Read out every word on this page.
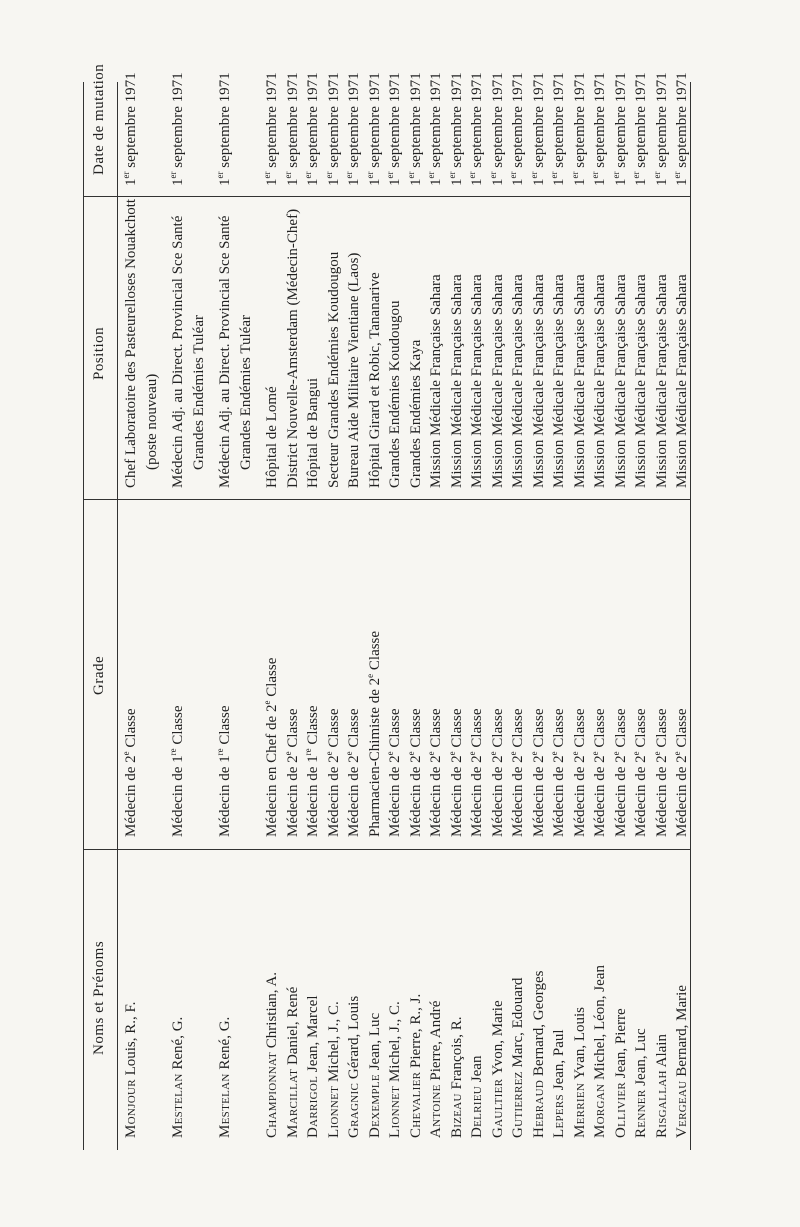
Noms et Prénoms
Grade
Position
Date de mutation
Monjour Louis, R., F.
Médecin de 2e Classe
Chef Laboratoire des Pasteurelloses Nouakchott (poste nouveau)
1er septembre 1971
Mestelan René, G.
Médecin de 1re Classe
Médecin Adj. au Direct. Provincial Sce Santé Grandes Endémies Tuléar
1er septembre 1971
Mestelan René, G.
Médecin de 1re Classe
Médecin Adj. au Direct. Provincial Sce Santé Grandes Endémies Tuléar
1er septembre 1971
Championnat Christian, A.
Médecin en Chef de 2e Classe
Hôpital de Lomé
1er septembre 1971
Marcillat Daniel, René
Médecin de 2e Classe
District Nouvelle-Amsterdam (Médecin-Chef)
1er septembre 1971
Darrigol Jean, Marcel
Médecin de 1re Classe
Hôpital de Bangui
1er septembre 1971
Lionnet Michel, J., C.
Médecin de 2e Classe
Secteur Grandes Endémies Koudougou
1er septembre 1971
Gragnic Gérard, Louis
Médecin de 2e Classe
Bureau Aide Militaire Vientiane (Laos)
1er septembre 1971
Dexemple Jean, Luc
Pharmacien-Chimiste de 2e Classe
Hôpital Girard et Robic, Tananarive
1er septembre 1971
Lionnet Michel, J., C.
Médecin de 2e Classe
Grandes Endémies Koudougou
1er septembre 1971
Chevalier Pierre, R., J.
Médecin de 2e Classe
Grandes Endémies Kaya
1er septembre 1971
Antoine Pierre, André
Médecin de 2e Classe
Mission Médicale Française Sahara
1er septembre 1971
Bizeau François, R.
Médecin de 2e Classe
Mission Médicale Française Sahara
1er septembre 1971
Delrieu Jean
Médecin de 2e Classe
Mission Médicale Française Sahara
1er septembre 1971
Gaultier Yvon, Marie
Médecin de 2e Classe
Mission Médicale Française Sahara
1er septembre 1971
Gutierrez Marc, Edouard
Médecin de 2e Classe
Mission Médicale Française Sahara
1er septembre 1971
Hebraud Bernard, Georges
Médecin de 2e Classe
Mission Médicale Française Sahara
1er septembre 1971
Lepers Jean, Paul
Médecin de 2e Classe
Mission Médicale Française Sahara
1er septembre 1971
Merrien Yvan, Louis
Médecin de 2e Classe
Mission Médicale Française Sahara
1er septembre 1971
Morgan Michel, Léon, Jean
Médecin de 2e Classe
Mission Médicale Française Sahara
1er septembre 1971
Ollivier Jean, Pierre
Médecin de 2e Classe
Mission Médicale Française Sahara
1er septembre 1971
Renner Jean, Luc
Médecin de 2e Classe
Mission Médicale Française Sahara
1er septembre 1971
Risgallah Alain
Médecin de 2e Classe
Mission Médicale Française Sahara
1er septembre 1971
Vergeau Bernard, Marie
Médecin de 2e Classe
Mission Médicale Française Sahara
1er septembre 1971
